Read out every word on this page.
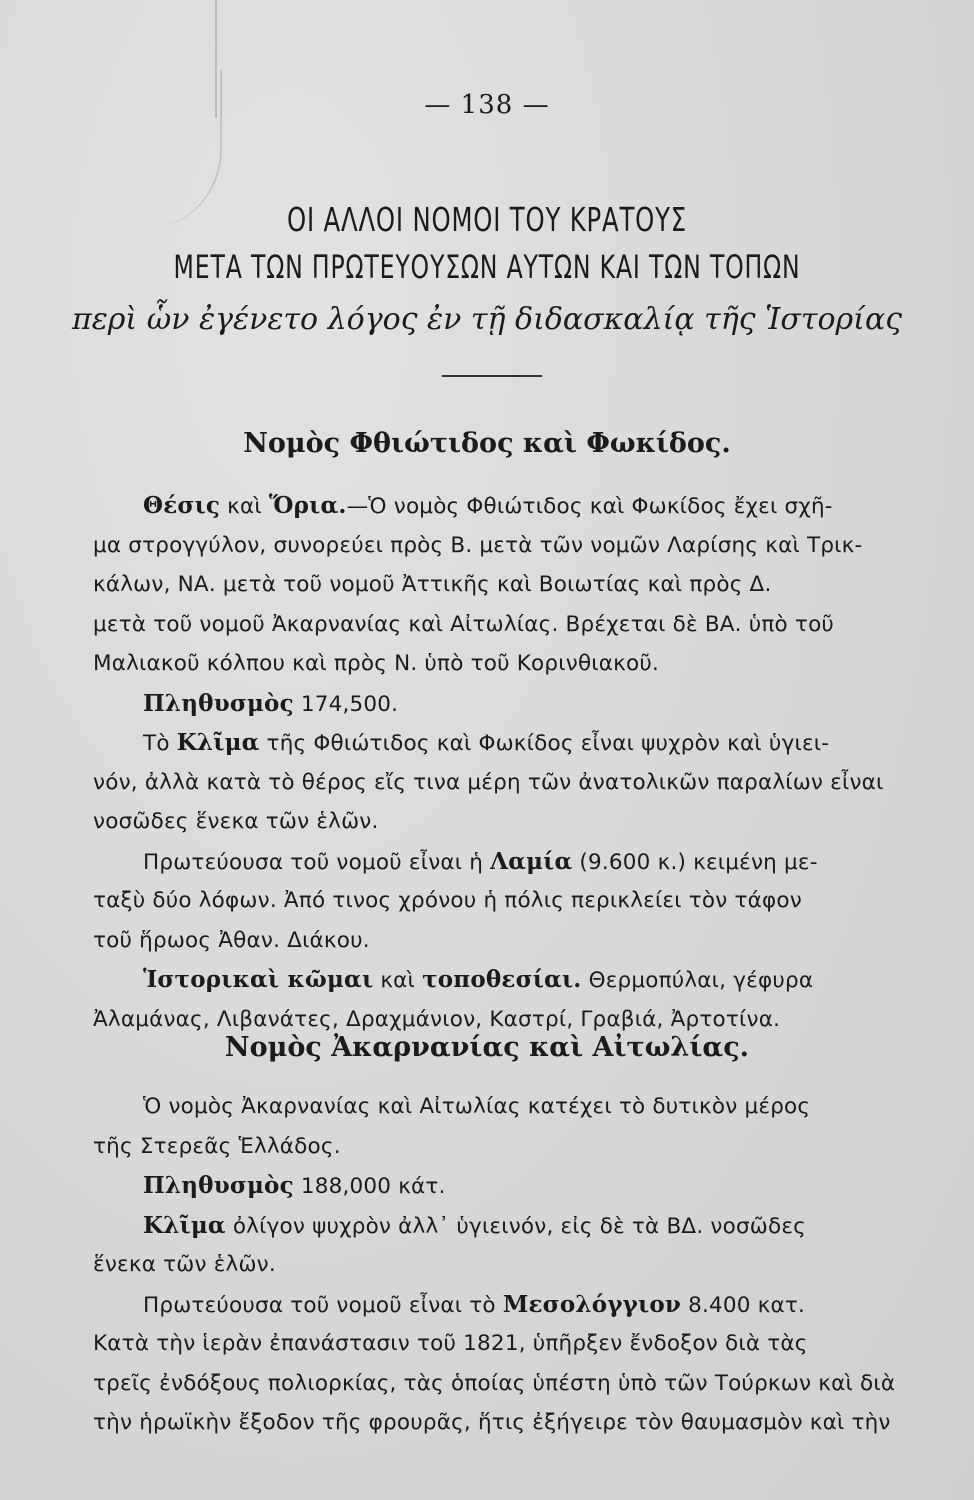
— 138 —
ΟΙ ΑΛΛΟΙ ΝΟΜΟΙ ΤΟΥ ΚΡΑΤΟΥΣ
ΜΕΤΑ ΤΩΝ ΠΡΩΤΕΥΟΥΣΩΝ ΑΥΤΩΝ ΚΑΙ ΤΩΝ ΤΟΠΩΝ
περὶ ὧν ἐγένετο λόγος ἐν τῇ διδασκαλίᾳ τῆς Ἱστορίας
Νομὸς Φθιώτιδος καὶ Φωκίδος.
Θέσις καὶ Ὅρια.—Ὁ νομὸς Φθιώτιδος καὶ Φωκίδος ἔχει σχῆ-
μα στρογγύλον, συνορεύει πρὸς Β. μετὰ τῶν νομῶν Λαρίσης καὶ Τρικ-
κάλων, ΝΑ. μετὰ τοῦ νομοῦ Ἀττικῆς καὶ Βοιωτίας καὶ πρὸς Δ.
μετὰ τοῦ νομοῦ Ἀκαρνανίας καὶ Αἰτωλίας. Βρέχεται δὲ ΒΑ. ὑπὸ τοῦ
Μαλιακοῦ κόλπου καὶ πρὸς Ν. ὑπὸ τοῦ Κορινθιακοῦ.
Πληθυσμὸς 174,500.
Τὸ Κλῖμα τῆς Φθιώτιδος καὶ Φωκίδος εἶναι ψυχρὸν καὶ ὑγιει-
νόν, ἀλλὰ κατὰ τὸ θέρος εἴς τινα μέρη τῶν ἀνατολικῶν παραλίων εἶναι
νοσῶδες ἕνεκα τῶν ἑλῶν.
Πρωτεύουσα τοῦ νομοῦ εἶναι ἡ Λαμία (9.600 κ.) κειμένη με-
ταξὺ δύο λόφων. Ἀπό τινος χρόνου ἡ πόλις περικλείει τὸν τάφον
τοῦ ἥρωος Ἀθαν. Διάκου.
Ἱστορικαὶ κῶμαι καὶ τοποθεσίαι. Θερμοπύλαι, γέφυρα
Ἀλαμάνας, Λιβανάτες, Δραχμάνιον, Καστρί, Γραβιά, Ἀρτοτίνα.
Νομὸς Ἀκαρνανίας καὶ Αἰτωλίας.
Ὁ νομὸς Ἀκαρνανίας καὶ Αἰτωλίας κατέχει τὸ δυτικὸν μέρος
τῆς Στερεᾶς Ἑλλάδος.
Πληθυσμὸς 188,000 κάτ.
Κλῖμα ὀλίγον ψυχρὸν ἀλλ᾽ ὑγιεινόν, εἰς δὲ τὰ ΒΔ. νοσῶδες
ἕνεκα τῶν ἑλῶν.
Πρωτεύουσα τοῦ νομοῦ εἶναι τὸ Μεσολόγγιον 8.400 κατ.
Κατὰ τὴν ἱερὰν ἐπανάστασιν τοῦ 1821, ὑπῆρξεν ἔνδοξον διὰ τὰς
τρεῖς ἐνδόξους πολιορκίας, τὰς ὁποίας ὑπέστη ὑπὸ τῶν Τούρκων καὶ διὰ
τὴν ἡρωϊκὴν ἔξοδον τῆς φρουρᾶς, ἥτις ἐξήγειρε τὸν θαυμασμὸν καὶ τὴν
